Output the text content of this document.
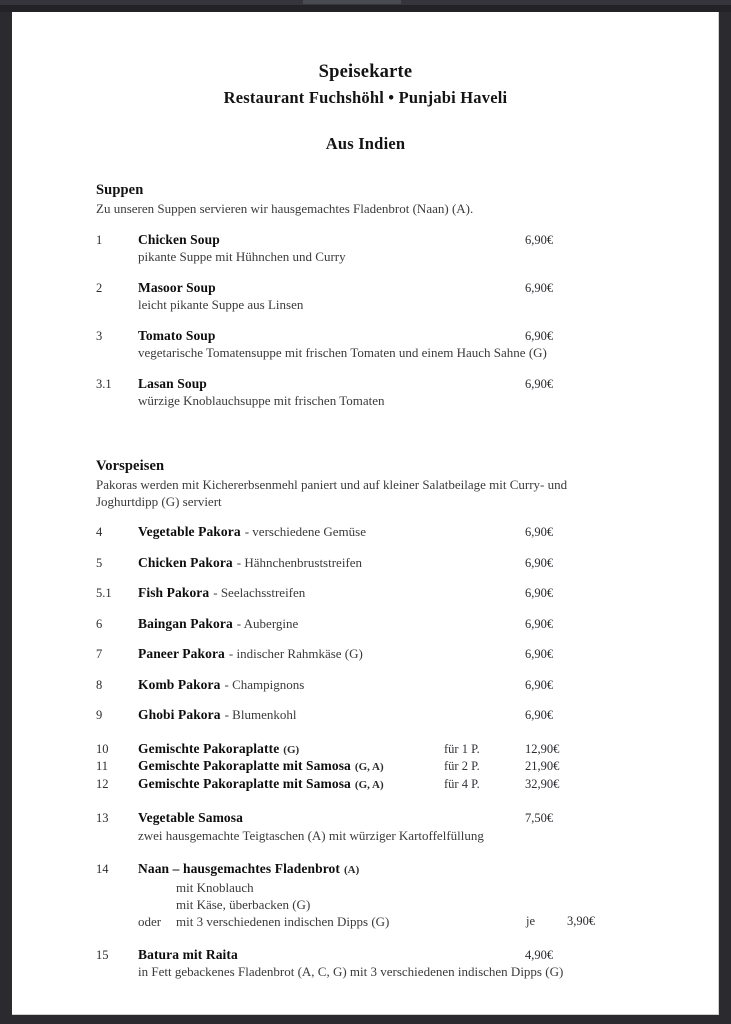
Speisekarte
Restaurant Fuchshöhl • Punjabi Haveli
Aus Indien
Suppen
Zu unseren Suppen servieren wir hausgemachtes Fladenbrot (Naan) (A).
1	Chicken Soup	6,90€
pikante Suppe mit Hühnchen und Curry
2	Masoor Soup	6,90€
leicht pikante Suppe aus Linsen
3	Tomato Soup	6,90€
vegetarische Tomatensuppe mit frischen Tomaten und einem Hauch Sahne (G)
3.1	Lasan Soup	6,90€
würzige Knoblauchsuppe mit frischen Tomaten
Vorspeisen
Pakoras werden mit Kichererbsenmehl paniert und auf kleiner Salatbeilage mit Curry- und Joghurtdipp (G) serviert
4	Vegetable Pakora - verschiedene Gemüse	6,90€
5	Chicken Pakora - Hähnchenbruststreifen	6,90€
5.1	Fish Pakora - Seelachsstreifen	6,90€
6	Baingan Pakora - Aubergine	6,90€
7	Paneer Pakora - indischer Rahmkäse (G)	6,90€
8	Komb Pakora - Champignons	6,90€
9	Ghobi Pakora - Blumenkohl	6,90€
10	Gemischte Pakoraplatte (G)	für 1 P.	12,90€
11	Gemischte Pakoraplatte mit Samosa (G, A)	für 2 P.	21,90€
12	Gemischte Pakoraplatte mit Samosa (G, A)	für 4 P.	32,90€
13	Vegetable Samosa	7,50€
zwei hausgemachte Teigtaschen (A) mit würziger Kartoffelfüllung
14	Naan – hausgemachtes Fladenbrot (A)
mit Knoblauch
mit Käse, überbacken (G)
oder	mit 3 verschiedenen indischen Dipps (G)	je	3,90€
15	Batura mit Raita	4,90€
in Fett gebackenes Fladenbrot (A, C, G) mit 3 verschiedenen indischen Dipps (G)
